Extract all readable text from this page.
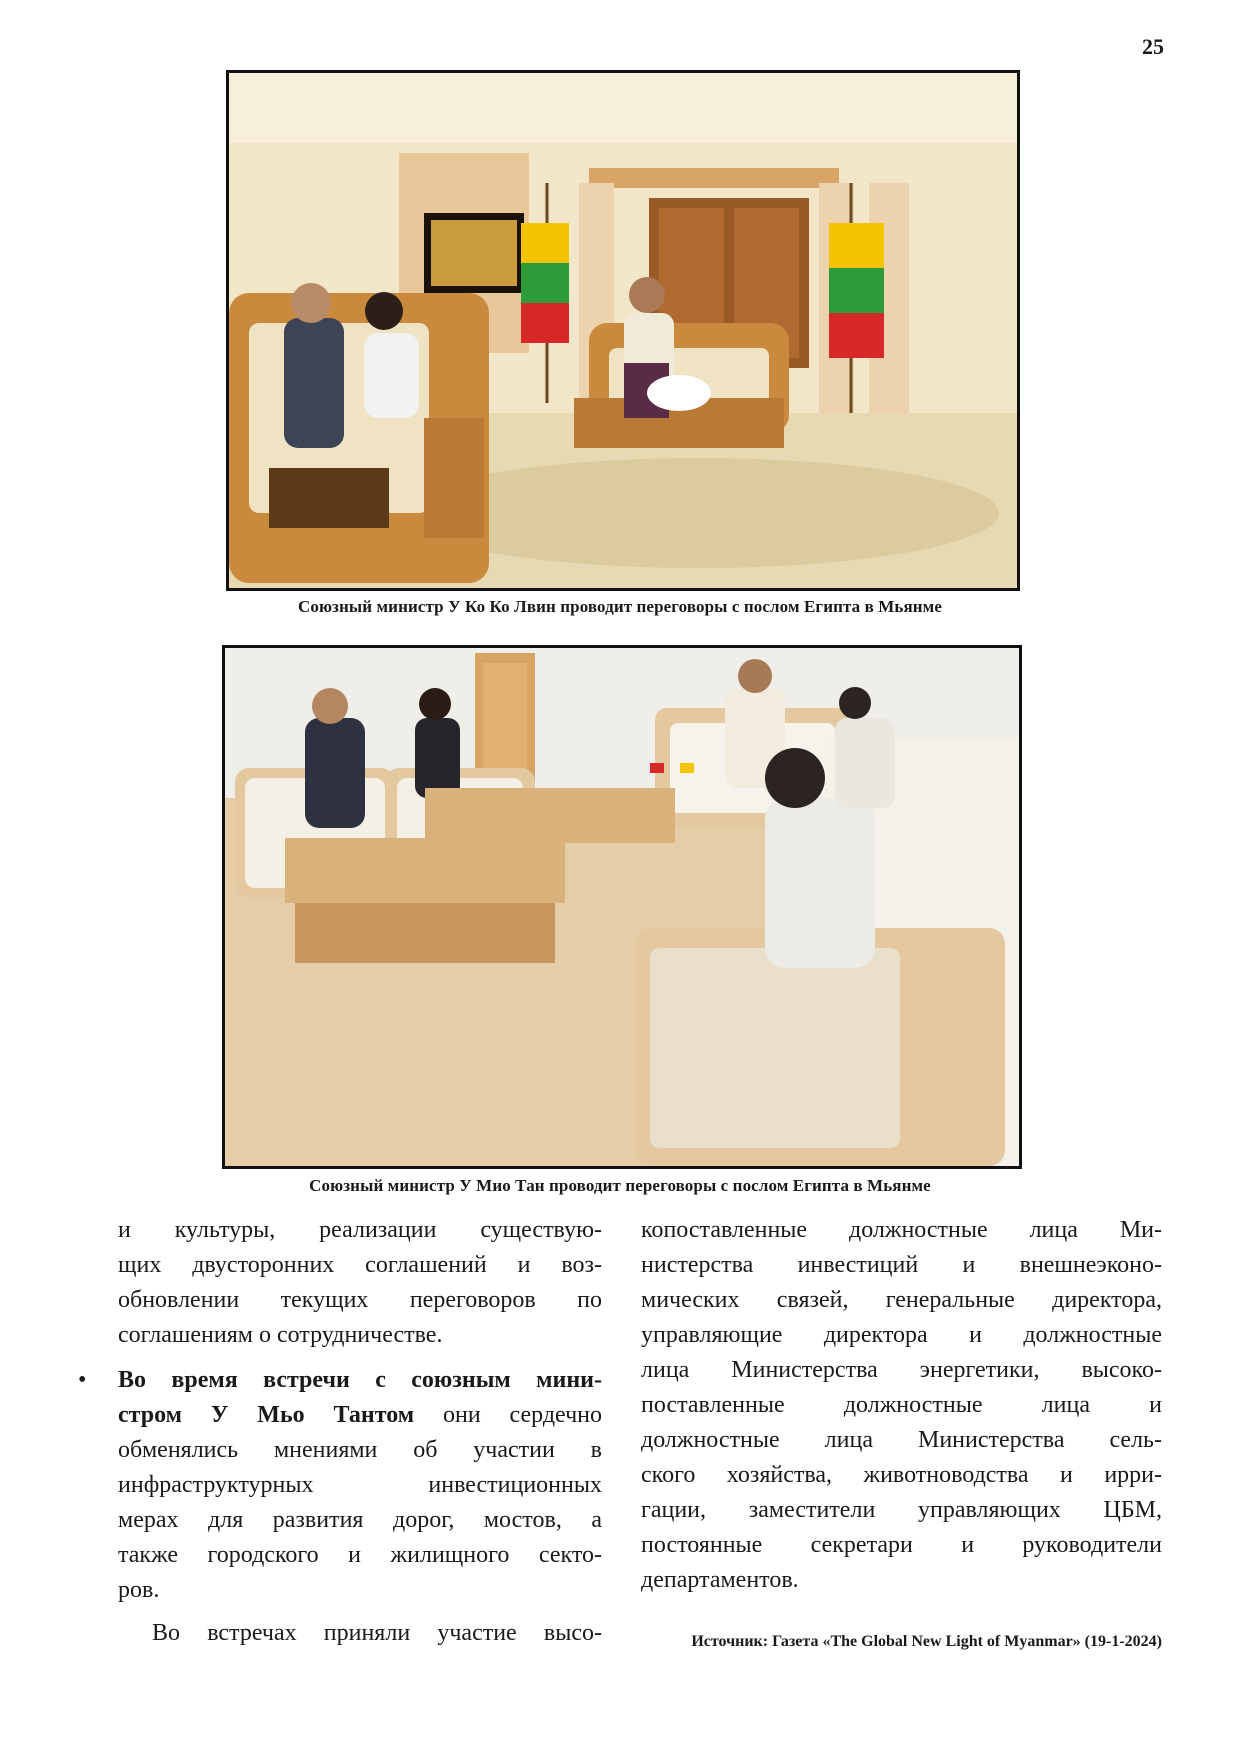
25
Союзный министр У Ко Ко Лвин проводит переговоры с послом Египта в Мьянме
Союзный министр У Мио Тан проводит переговоры с послом Египта в Мьянме
и культуры, реализации существую-
щих двусторонних соглашений и воз-
обновлении текущих переговоров по
соглашениям о сотрудничестве.
• Во время встречи с союзным мини-
стром У Мьо Тантом они сердечно
обменялись мнениями об участии в
инфраструктурных инвестиционных
мерах для развития дорог, мостов, а
также городского и жилищного секто-
ров.
Во встречах приняли участие высо-
копоставленные должностные лица Ми-
нистерства инвестиций и внешнеэконо-
мических связей, генеральные директора,
управляющие директора и должностные
лица Министерства энергетики, высоко-
поставленные должностные лица и
должностные лица Министерства сель-
ского хозяйства, животноводства и ирри-
гации, заместители управляющих ЦБМ,
постоянные секретари и руководители
департаментов.
Источник: Газета «The Global New Light of Myanmar» (19-1-2024)
